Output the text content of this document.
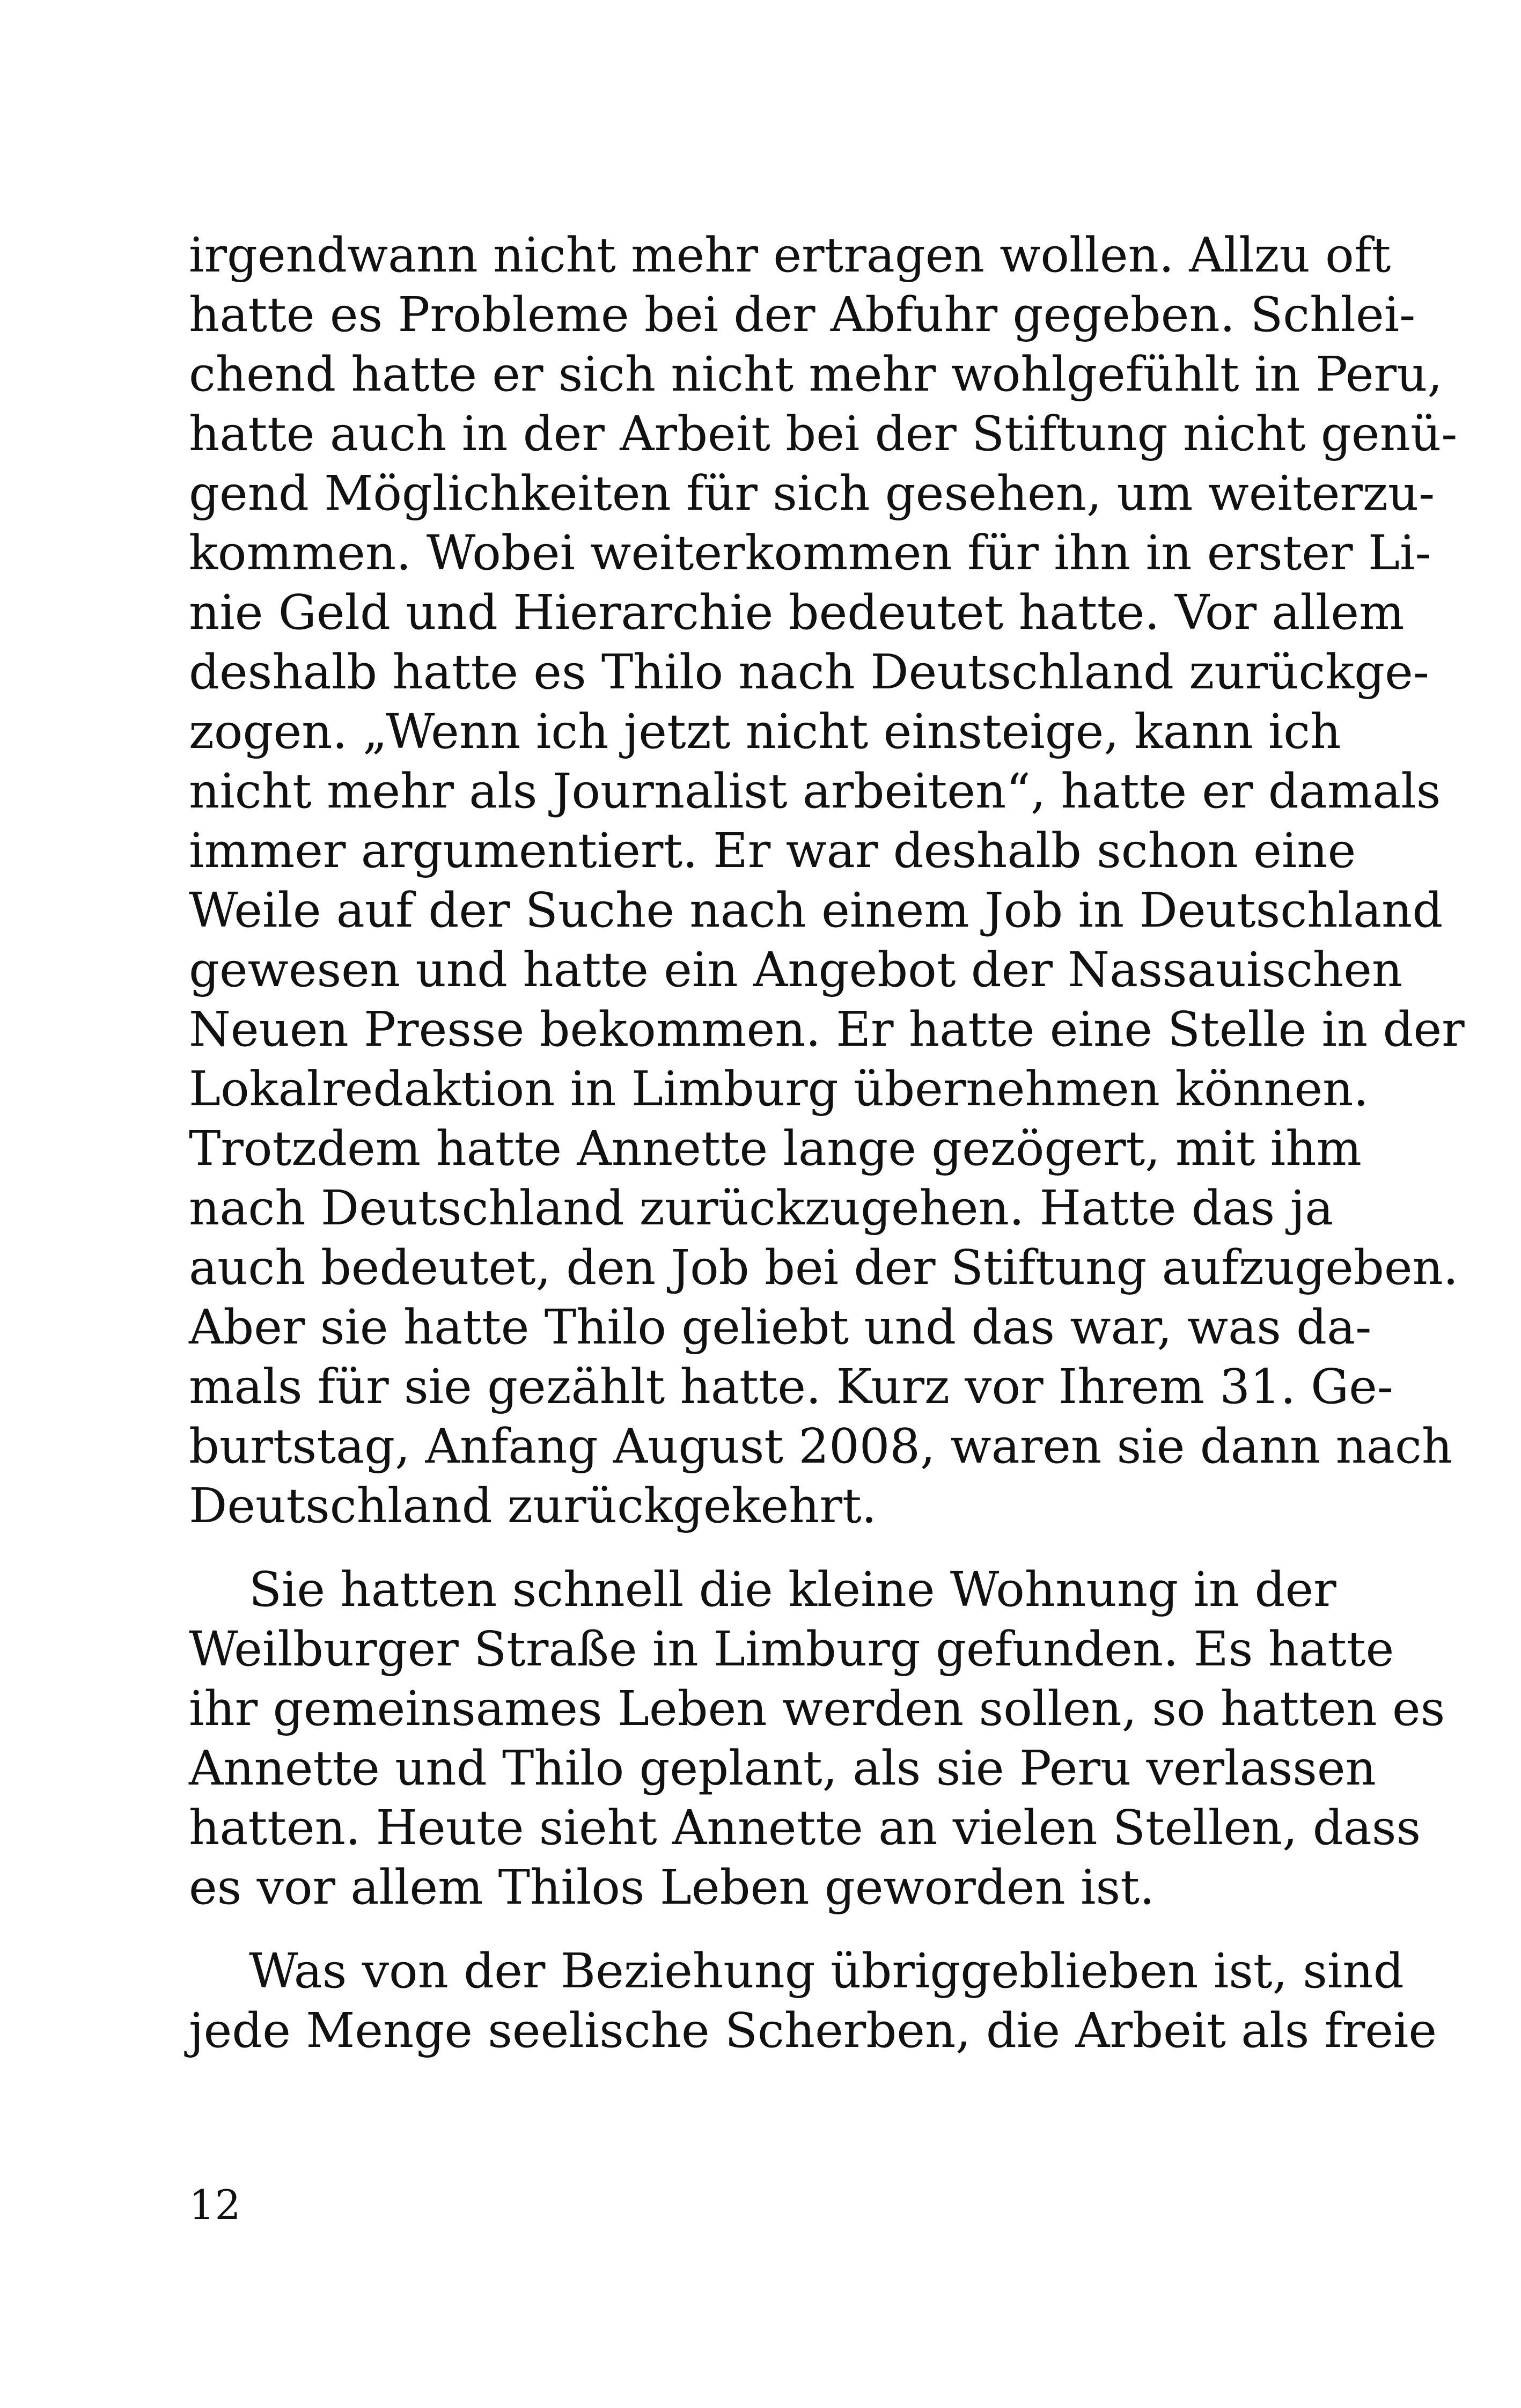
irgendwann nicht mehr ertragen wollen. Allzu oft
hatte es Probleme bei der Abfuhr gegeben. Schlei-
chend hatte er sich nicht mehr wohlgefühlt in Peru,
hatte auch in der Arbeit bei der Stiftung nicht genü-
gend Möglichkeiten für sich gesehen, um weiterzu-
kommen. Wobei weiterkommen für ihn in erster Li-
nie Geld und Hierarchie bedeutet hatte. Vor allem
deshalb hatte es Thilo nach Deutschland zurückge-
zogen. „Wenn ich jetzt nicht einsteige, kann ich
nicht mehr als Journalist arbeiten“, hatte er damals
immer argumentiert. Er war deshalb schon eine
Weile auf der Suche nach einem Job in Deutschland
gewesen und hatte ein Angebot der Nassauischen
Neuen Presse bekommen. Er hatte eine Stelle in der
Lokalredaktion in Limburg übernehmen können.
Trotzdem hatte Annette lange gezögert, mit ihm
nach Deutschland zurückzugehen. Hatte das ja
auch bedeutet, den Job bei der Stiftung aufzugeben.
Aber sie hatte Thilo geliebt und das war, was da-
mals für sie gezählt hatte. Kurz vor Ihrem 31. Ge-
burtstag, Anfang August 2008, waren sie dann nach
Deutschland zurückgekehrt.
Sie hatten schnell die kleine Wohnung in der
Weilburger Straße in Limburg gefunden. Es hatte
ihr gemeinsames Leben werden sollen, so hatten es
Annette und Thilo geplant, als sie Peru verlassen
hatten. Heute sieht Annette an vielen Stellen, dass
es vor allem Thilos Leben geworden ist.
Was von der Beziehung übriggeblieben ist, sind
jede Menge seelische Scherben, die Arbeit als freie
12
